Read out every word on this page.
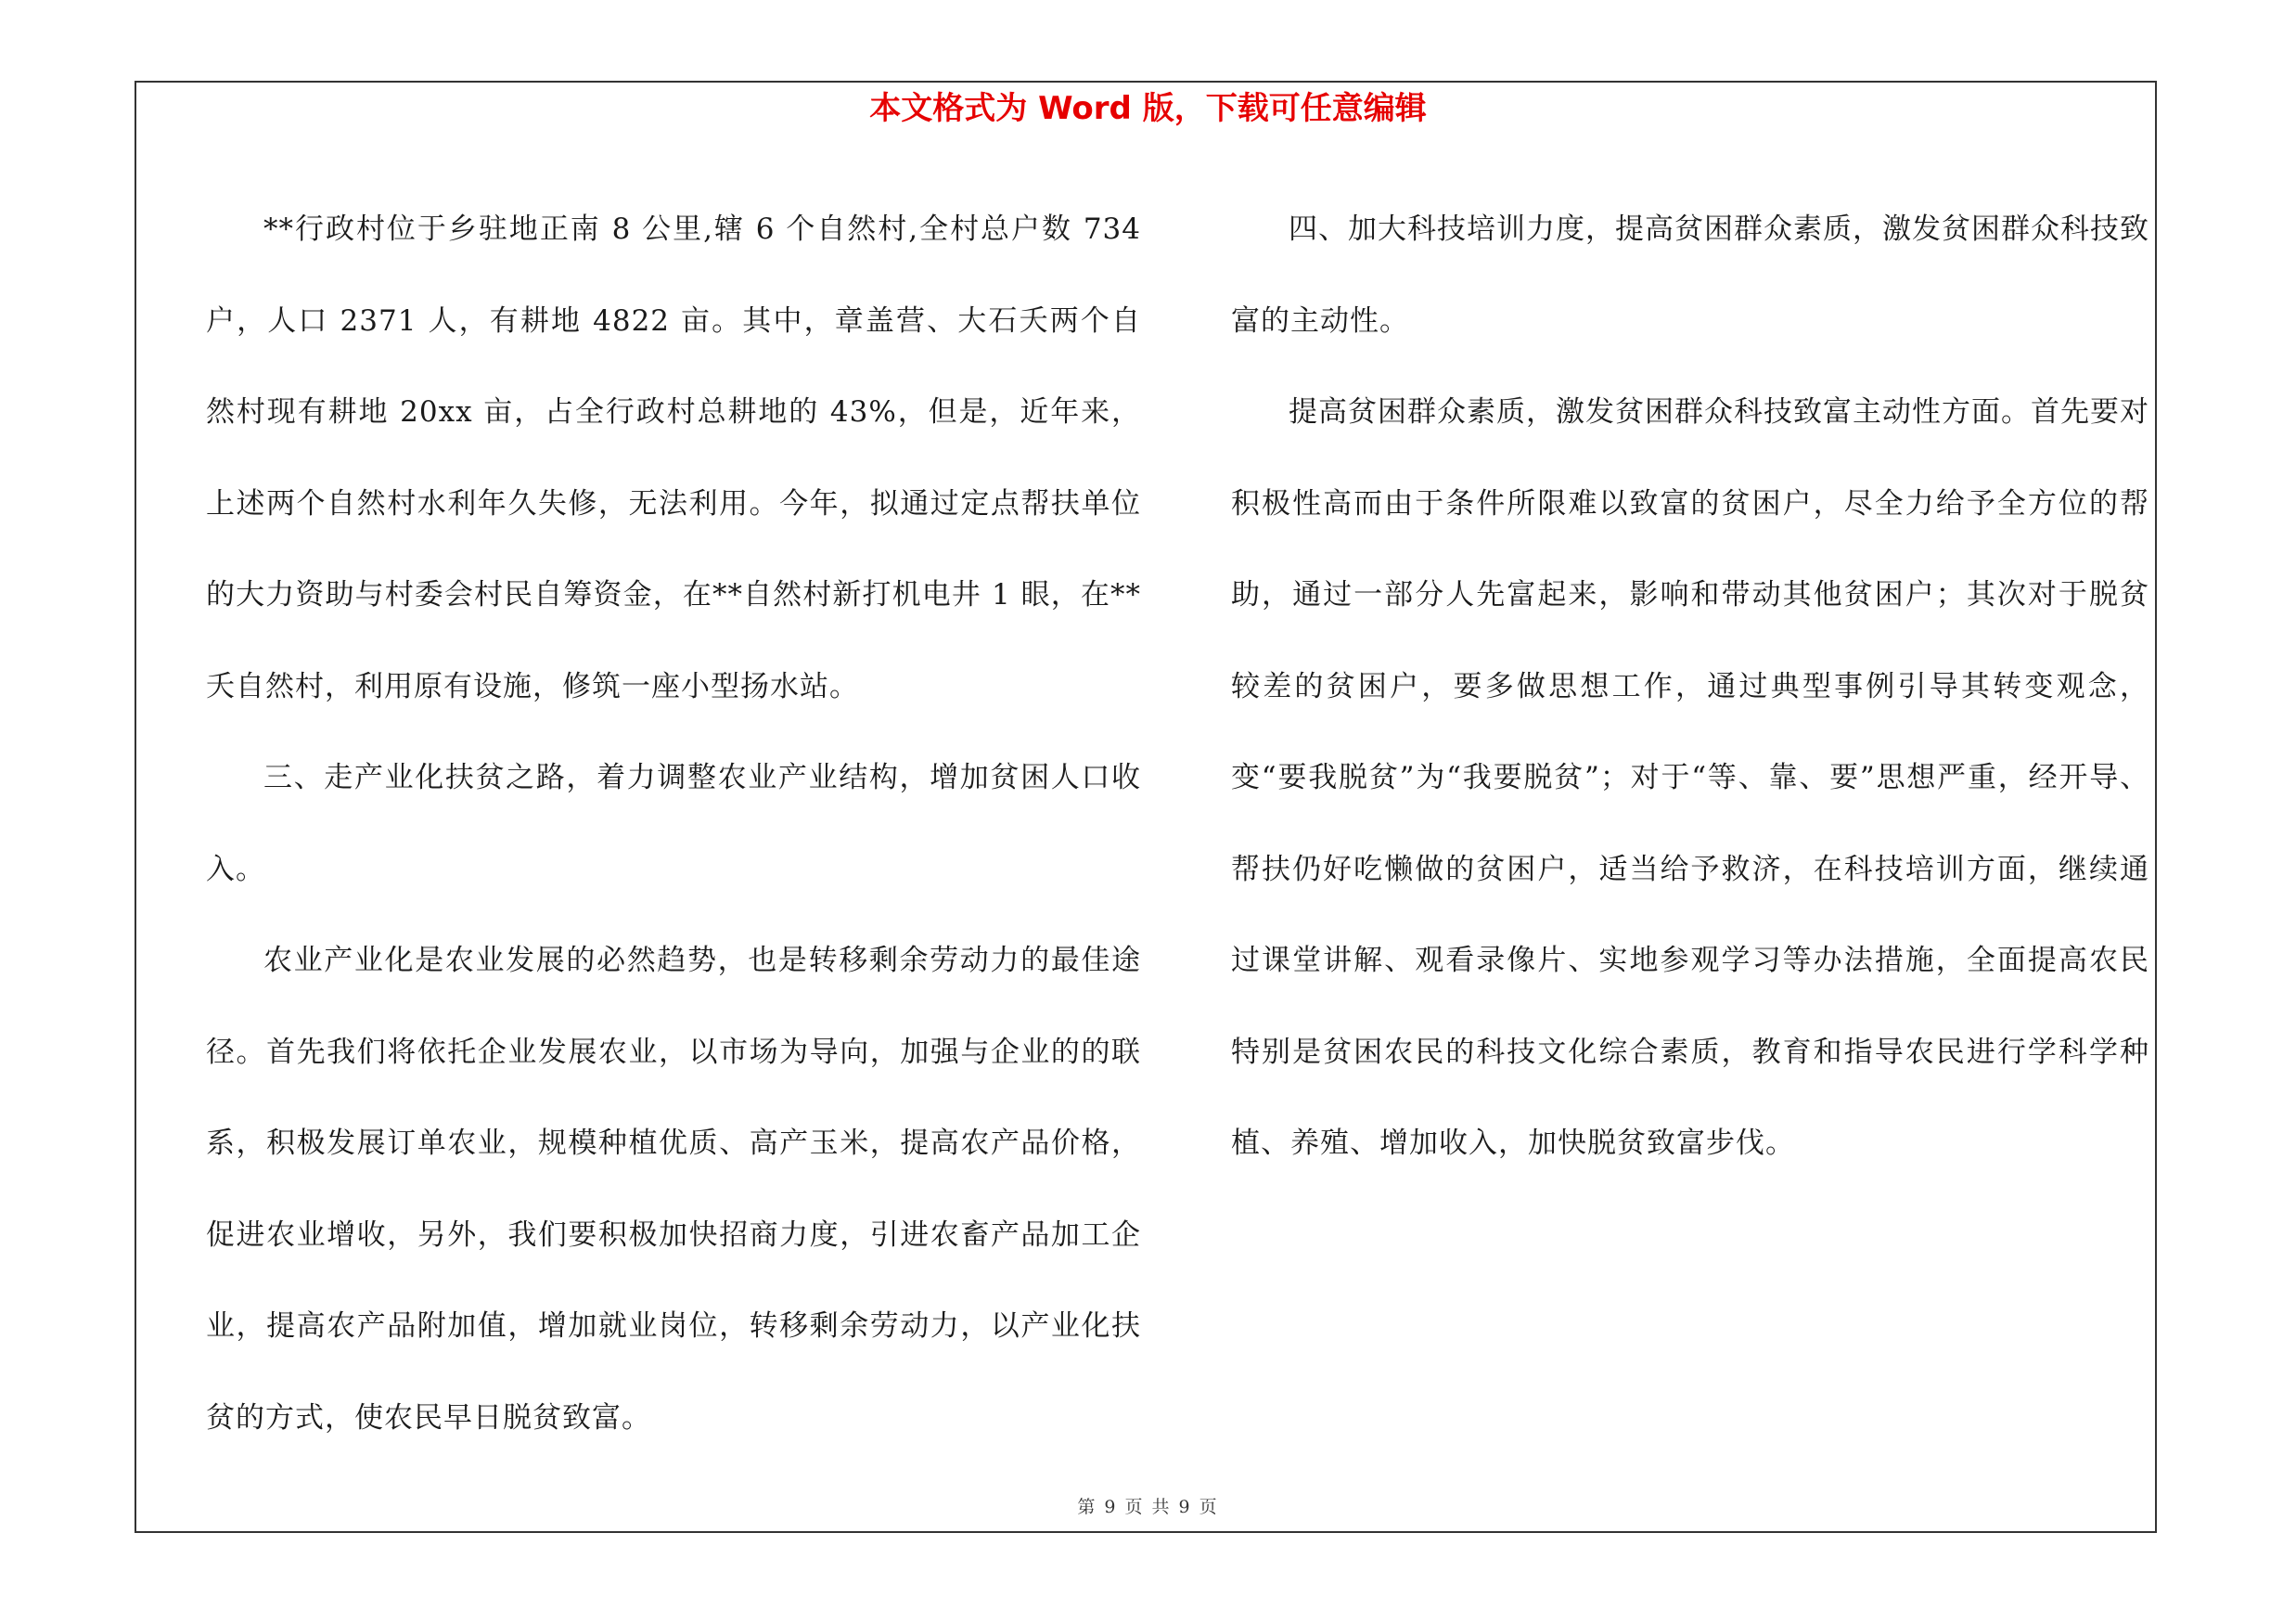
本文格式为 Word 版，下载可任意编辑

**行政村位于乡驻地正南 8 公里,辖 6 个自然村,全村总户数 734 户，人口 2371 人，有耕地 4822 亩。其中，章盖营、大石夭两个自然村现有耕地 20xx 亩，占全行政村总耕地的 43%，但是，近年来，上述两个自然村水利年久失修，无法利用。今年，拟通过定点帮扶单位的大力资助与村委会村民自筹资金，在**自然村新打机电井 1 眼，在**夭自然村，利用原有设施，修筑一座小型扬水站。

三、走产业化扶贫之路，着力调整农业产业结构，增加贫困人口收入。

农业产业化是农业发展的必然趋势，也是转移剩余劳动力的最佳途径。首先我们将依托企业发展农业，以市场为导向，加强与企业的的联系，积极发展订单农业，规模种植优质、高产玉米，提高农产品价格，促进农业增收，另外，我们要积极加快招商力度，引进农畜产品加工企业，提高农产品附加值，增加就业岗位，转移剩余劳动力，以产业化扶贫的方式，使农民早日脱贫致富。

四、加大科技培训力度，提高贫困群众素质，激发贫困群众科技致富的主动性。

提高贫困群众素质，激发贫困群众科技致富主动性方面。首先要对积极性高而由于条件所限难以致富的贫困户，尽全力给予全方位的帮助，通过一部分人先富起来，影响和带动其他贫困户；其次对于脱贫较差的贫困户，要多做思想工作，通过典型事例引导其转变观念，变“要我脱贫”为“我要脱贫”；对于“等、靠、要”思想严重，经开导、帮扶仍好吃懒做的贫困户，适当给予救济，在科技培训方面，继续通过课堂讲解、观看录像片、实地参观学习等办法措施，全面提高农民特别是贫困农民的科技文化综合素质，教育和指导农民进行学科学种植、养殖、增加收入，加快脱贫致富步伐。

第 9 页 共 9 页
